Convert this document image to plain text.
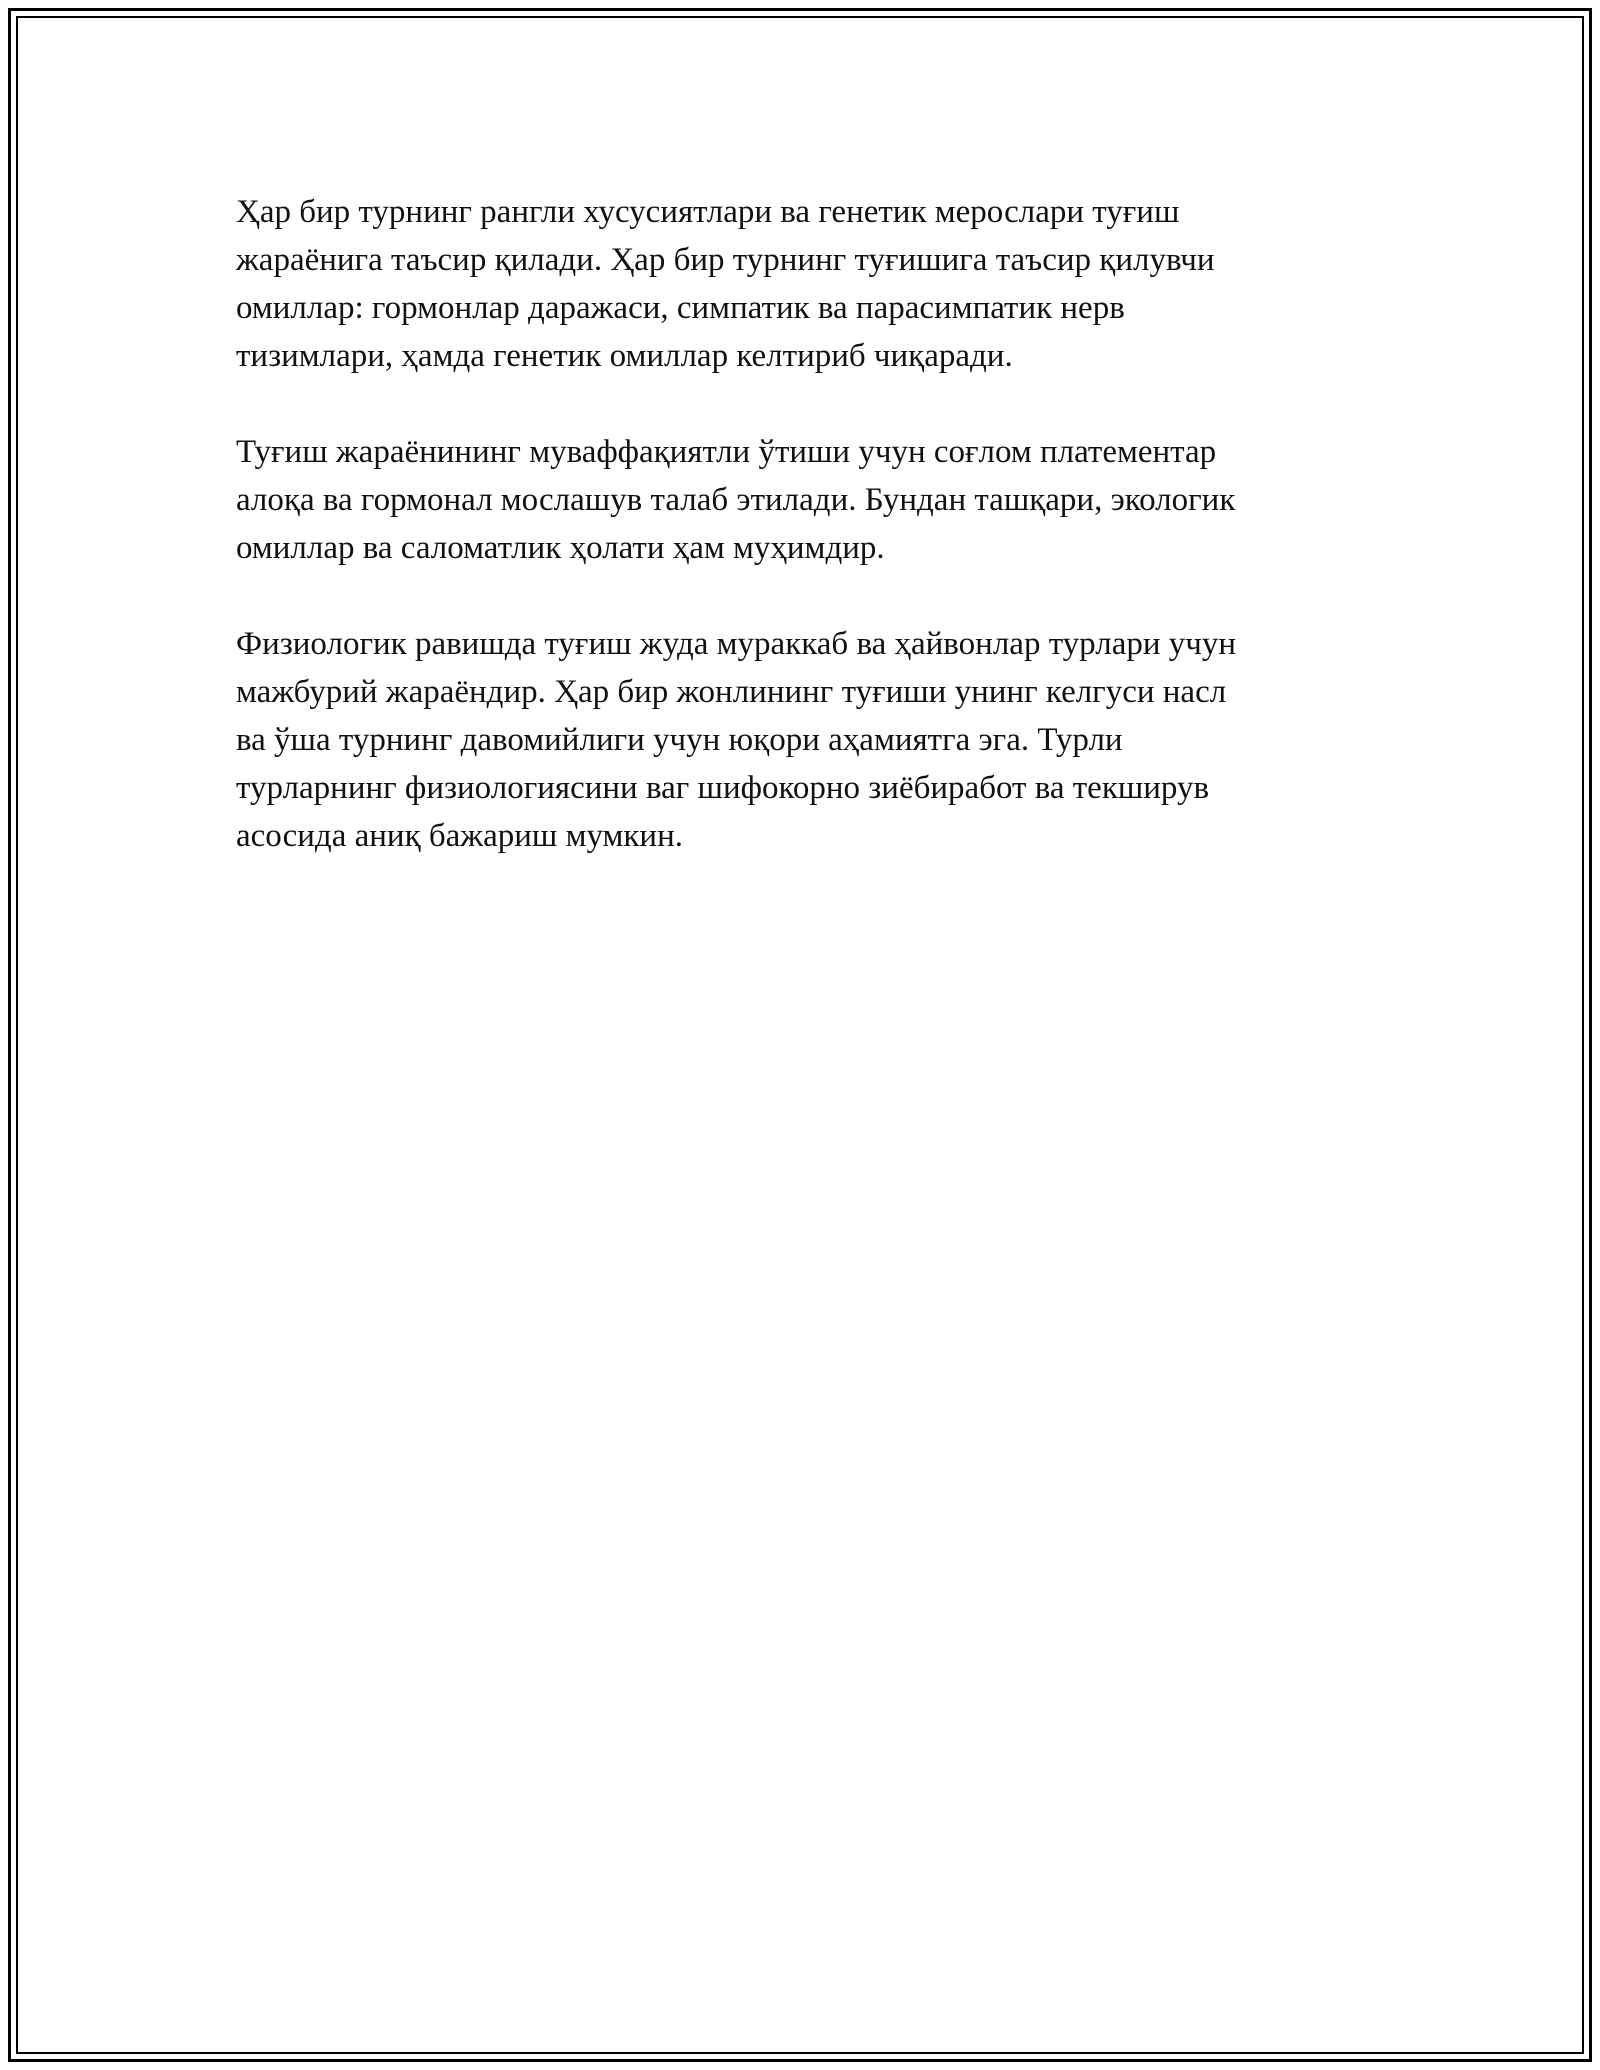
Ҳар бир турнинг рангли хусусиятлари ва генетик мерослари туғиш
жараёнига таъсир қилади. Ҳар бир турнинг туғишига таъсир қилувчи
омиллар: гормонлар даражаси, симпатик ва парасимпатик нерв
тизимлари, ҳамда генетик омиллар келтириб чиқаради.

Туғиш жараёнининг муваффақиятли ўтиши учун соғлом платементар
алоқа ва гормонал мослашув талаб этилади. Бундан ташқари, экологик
омиллар ва саломатлик ҳолати ҳам муҳимдир.

Физиологик равишда туғиш жуда мураккаб ва ҳайвонлар турлари учун
мажбурий жараёндир. Ҳар бир жонлининг туғиши унинг келгуси насл
ва ўша турнинг давомийлиги учун юқори аҳамиятга эга. Турли
турларнинг физиологиясини ваг шифокорно зиёбиработ ва текширув
асосида аниқ бажариш мумкин.
